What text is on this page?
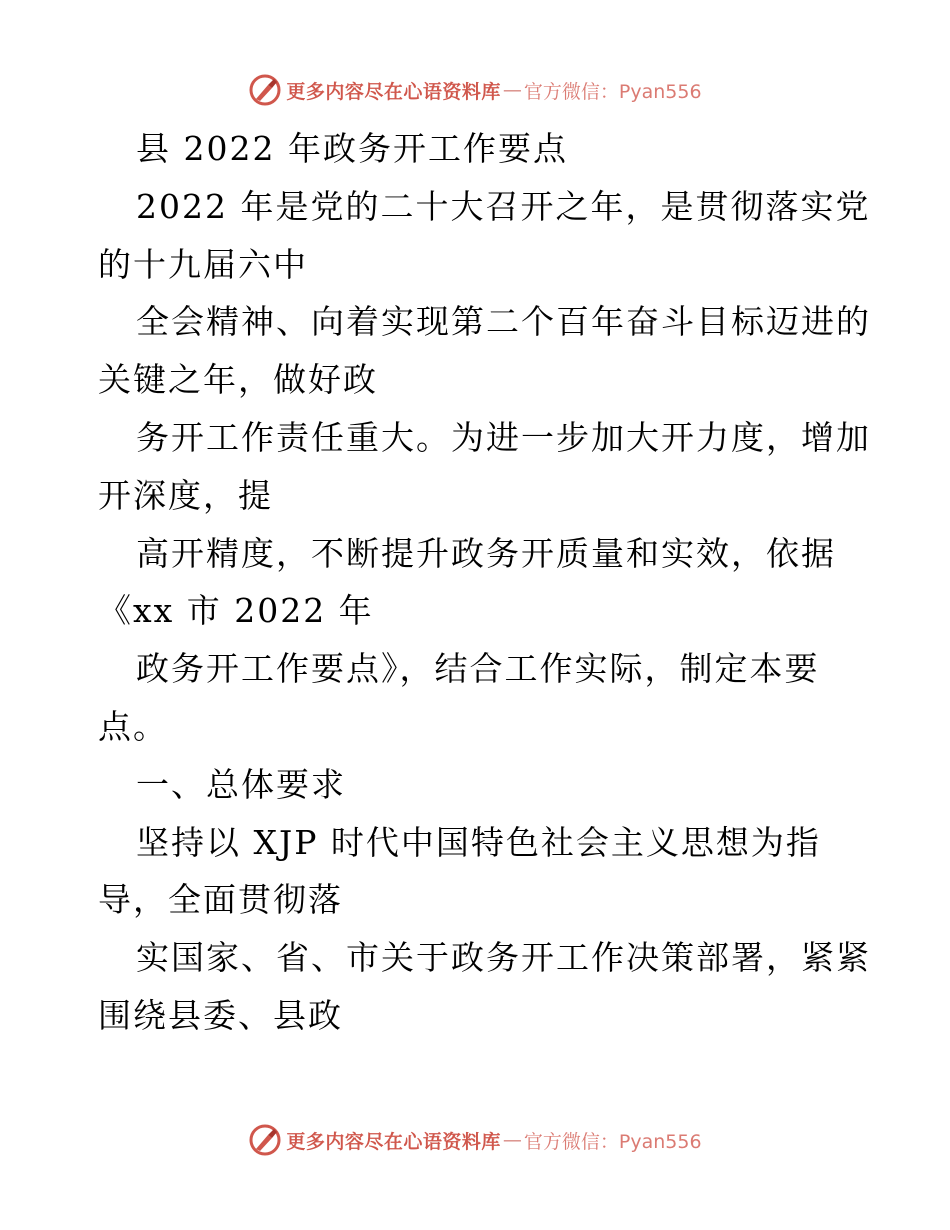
更多内容尽在心语资料库 — 官方微信：Pyan556
县 2022 年政务开工作要点
2022 年是党的二十大召开之年，是贯彻落实党
的十九届六中
全会精神、向着实现第二个百年奋斗目标迈进的
关键之年，做好政
务开工作责任重大。为进一步加大开力度，增加
开深度，提
高开精度，不断提升政务开质量和实效，依据
《xx 市 2022 年
政务开工作要点》，结合工作实际，制定本要
点。
一、总体要求
坚持以 XJP 时代中国特色社会主义思想为指
导，全面贯彻落
实国家、省、市关于政务开工作决策部署，紧紧
围绕县委、县政
更多内容尽在心语资料库 — 官方微信：Pyan556
